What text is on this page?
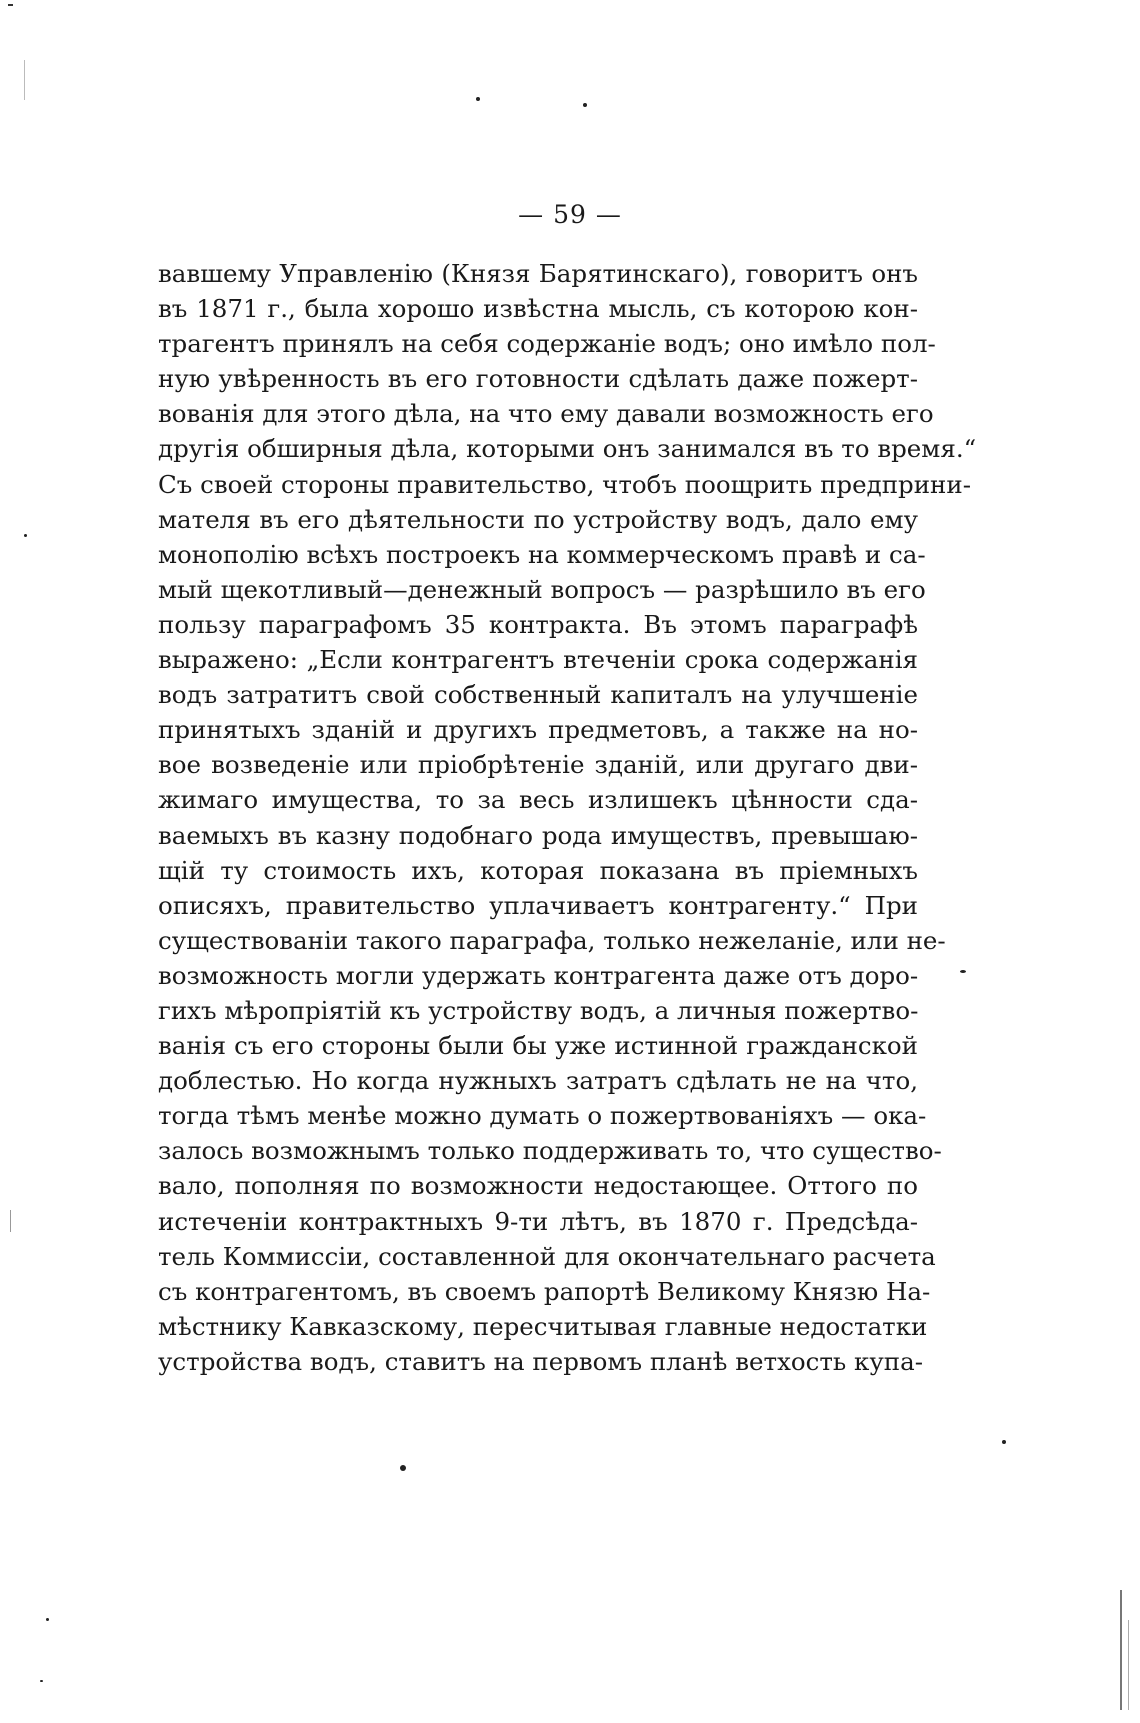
— 59 —
вавшему Управленію (Князя Барятинскаго), говоритъ онъ
въ 1871 г., была хорошо извѣстна мысль, съ которою кон-
трагентъ принялъ на себя содержаніе водъ; оно имѣло пол-
ную увѣренность въ его готовности сдѣлать даже пожерт-
вованія для этого дѣла, на что ему давали возможность его
другія обширныя дѣла, которыми онъ занимался въ то время.“
Съ своей стороны правительство, чтобъ поощрить предприни-
мателя въ его дѣятельности по устройству водъ, дало ему
монополію всѣхъ построекъ на коммерческомъ правѣ и са-
мый щекотливый—денежный вопросъ — разрѣшило въ его
пользу параграфомъ 35 контракта. Въ этомъ параграфѣ
выражено: „Если контрагентъ втеченіи срока содержанія
водъ затратитъ свой собственный капиталъ на улучшеніе
принятыхъ зданій и другихъ предметовъ, а также на но-
вое возведеніе или пріобрѣтеніе зданій, или другаго дви-
жимаго имущества, то за весь излишекъ цѣнности сда-
ваемыхъ въ казну подобнаго рода имуществъ, превышаю-
щій ту стоимость ихъ, которая показана въ пріемныхъ
описяхъ, правительство уплачиваетъ контрагенту.“ При
существованіи такого параграфа, только нежеланіе, или не-
возможность могли удержать контрагента даже отъ доро-
гихъ мѣропріятій къ устройству водъ, а личныя пожертво-
ванія съ его стороны были бы уже истинной гражданской
доблестью. Но когда нужныхъ затратъ сдѣлать не на что,
тогда тѣмъ менѣе можно думать о пожертвованіяхъ — ока-
залось возможнымъ только поддерживать то, что существо-
вало, пополняя по возможности недостающее. Оттого по
истеченіи контрактныхъ 9-ти лѣтъ, въ 1870 г. Предсѣда-
тель Коммиссіи, составленной для окончательнаго расчета
съ контрагентомъ, въ своемъ рапортѣ Великому Князю На-
мѣстнику Кавказскому, пересчитывая главные недостатки
устройства водъ, ставитъ на первомъ планѣ ветхость купа-
